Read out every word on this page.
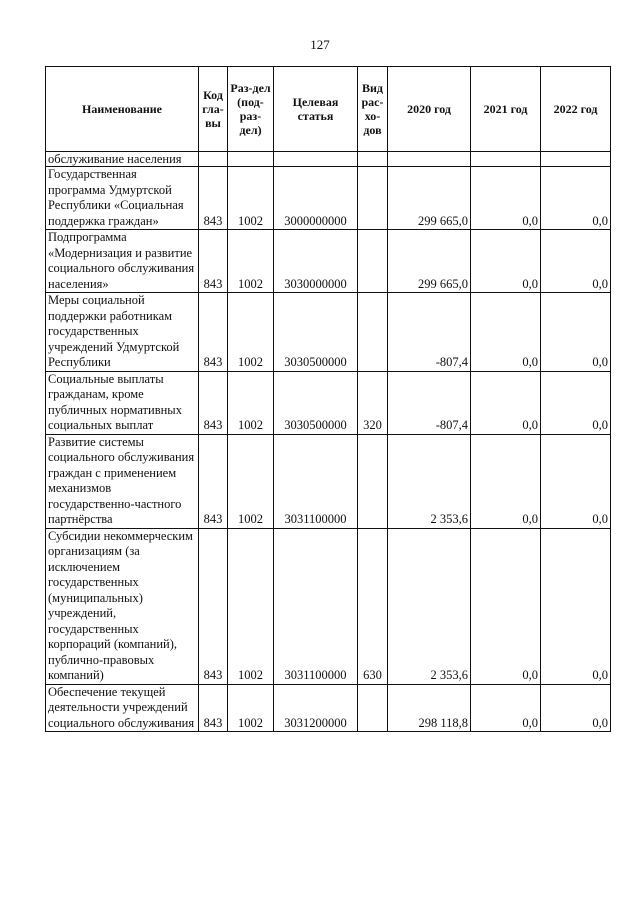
127
Наименование	Код гла-вы	Раз-дел (под-раз-дел)	Целевая статья	Вид рас-хо-дов	2020 год	2021 год	2022 год
обслуживание населения							
Государственная программа Удмуртской Республики «Социальная поддержка граждан»	843	1002	3000000000		299 665,0	0,0	0,0
Подпрограмма «Модернизация и развитие социального обслуживания населения»	843	1002	3030000000		299 665,0	0,0	0,0
Меры социальной поддержки работникам государственных учреждений Удмуртской Республики	843	1002	3030500000		-807,4	0,0	0,0
Социальные выплаты гражданам, кроме публичных нормативных социальных выплат	843	1002	3030500000	320	-807,4	0,0	0,0
Развитие системы социального обслуживания граждан с применением механизмов государственно-частного партнёрства	843	1002	3031100000		2 353,6	0,0	0,0
Субсидии некоммерческим организациям (за исключением государственных (муниципальных) учреждений, государственных корпораций (компаний), публично-правовых компаний)	843	1002	3031100000	630	2 353,6	0,0	0,0
Обеспечение текущей деятельности учреждений социального обслуживания	843	1002	3031200000		298 118,8	0,0	0,0
